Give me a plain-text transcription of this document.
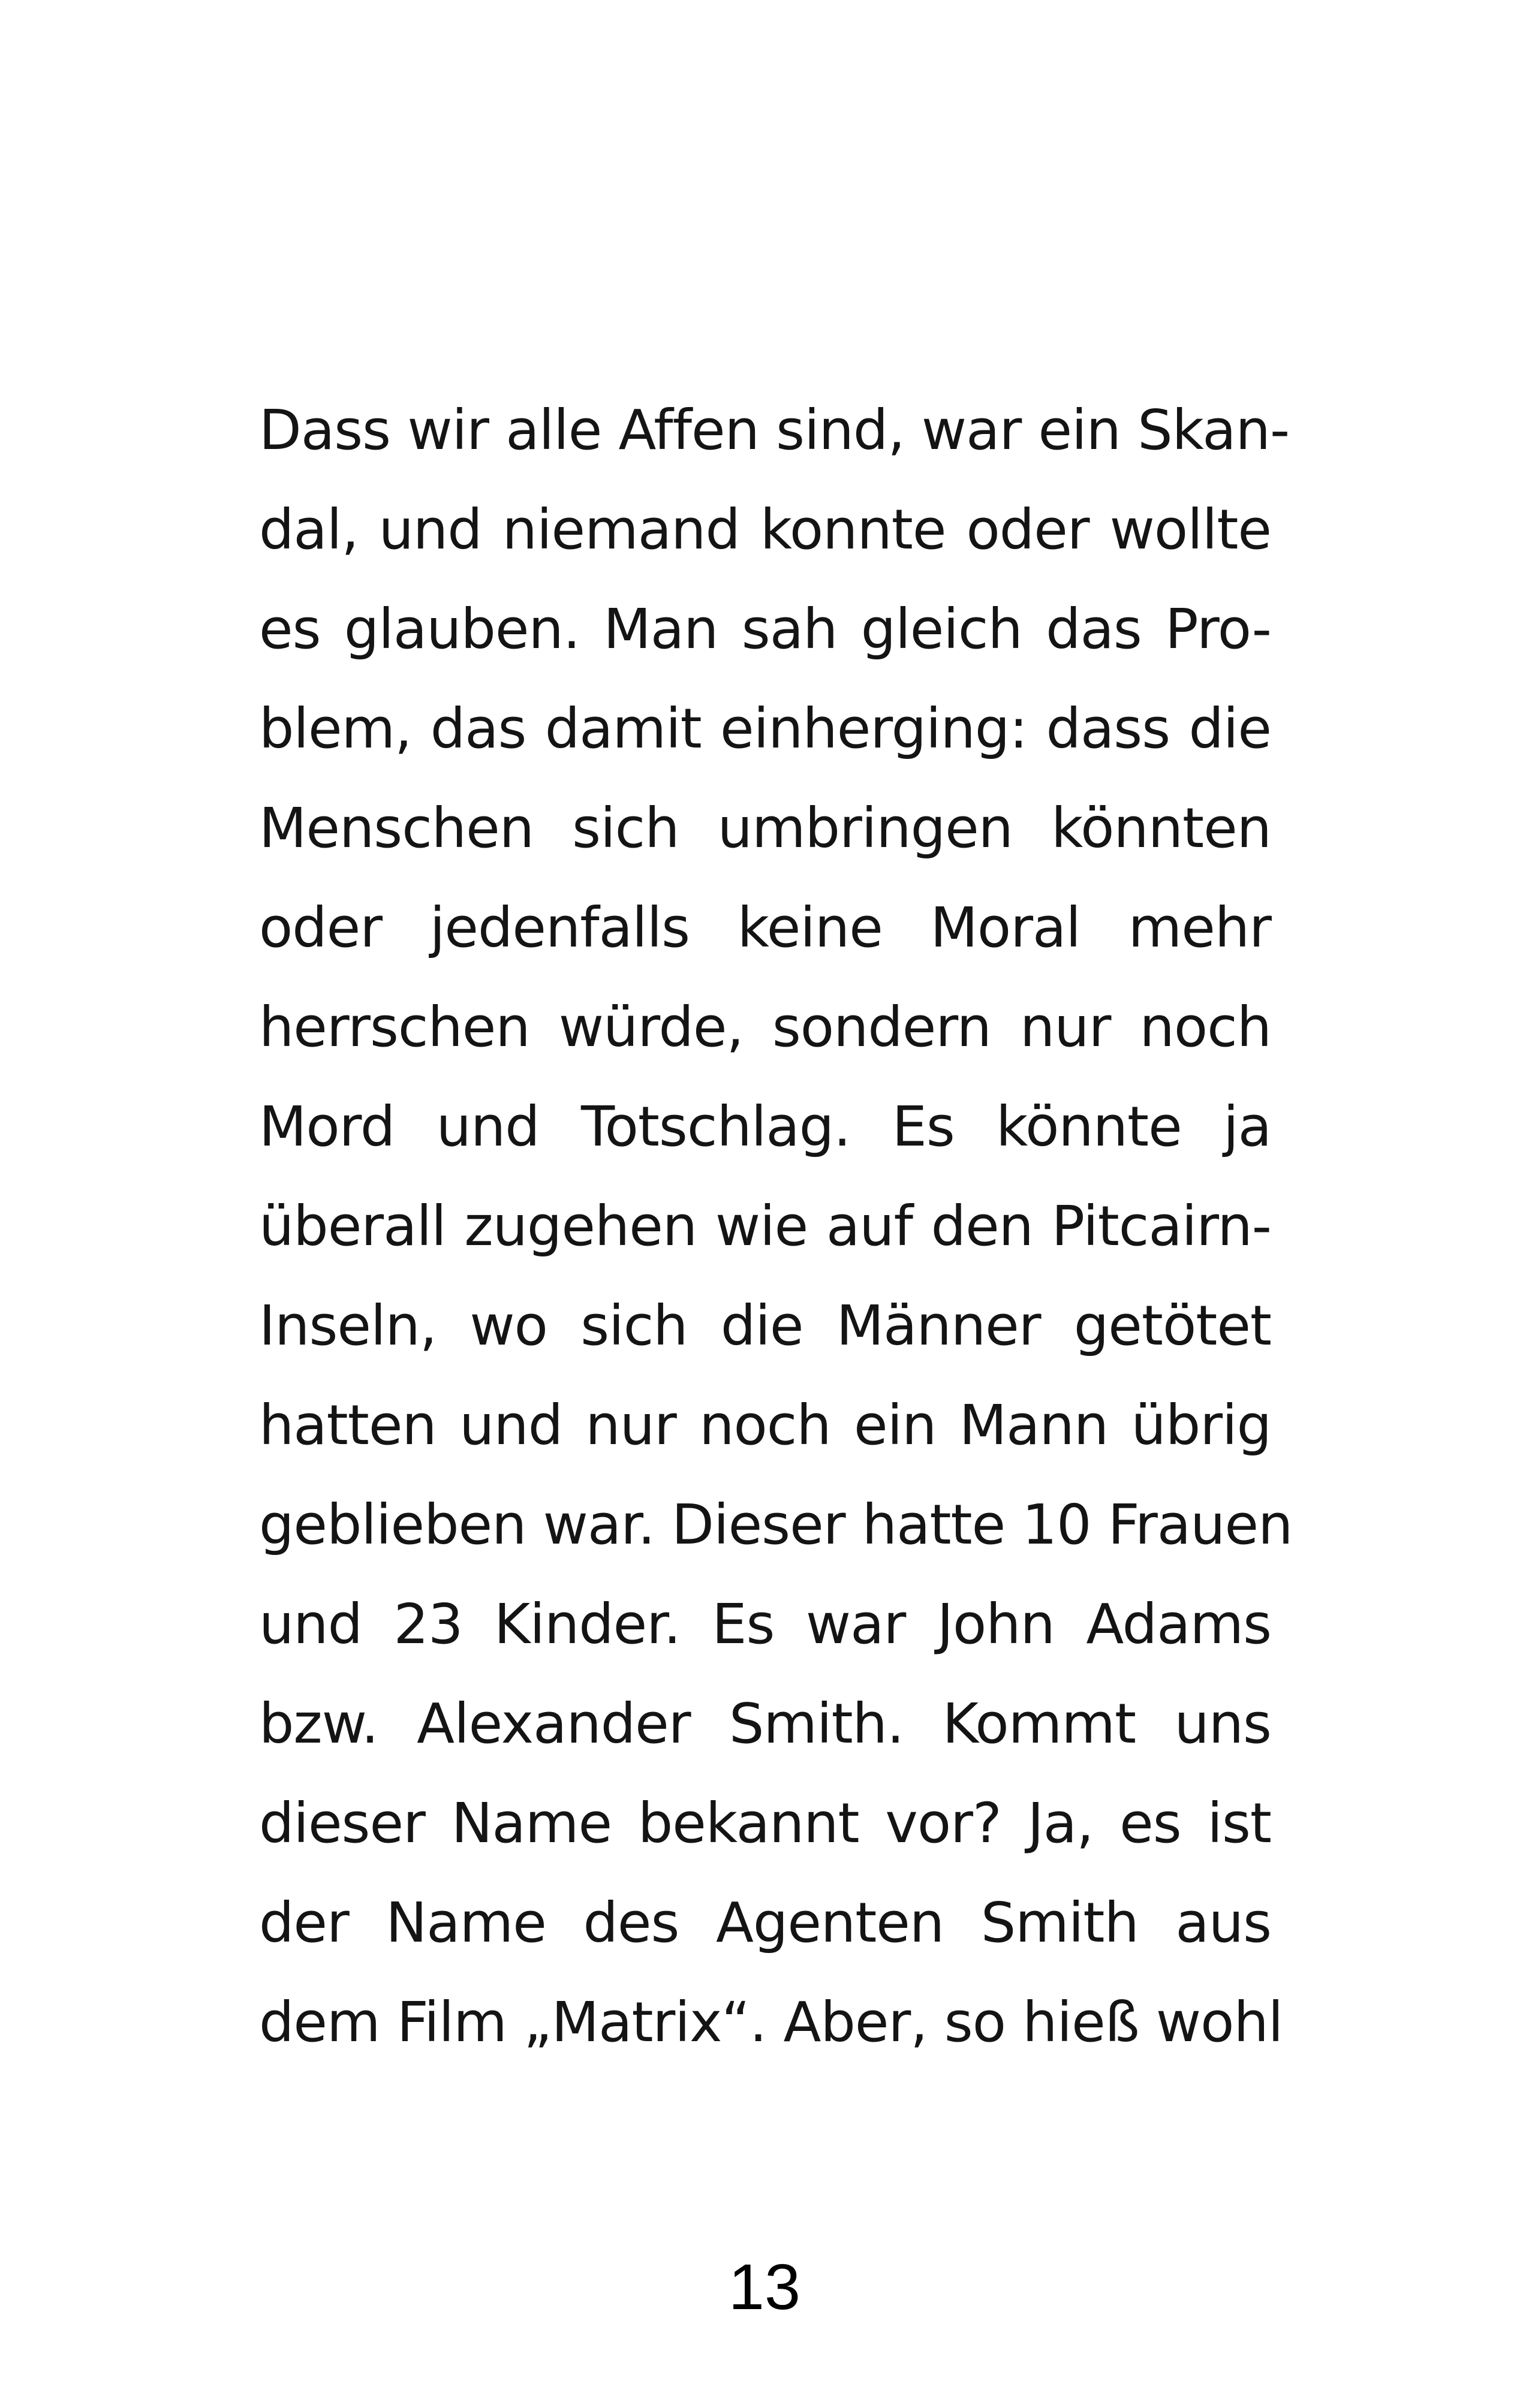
Dass wir alle Affen sind, war ein Skan-
dal, und niemand konnte oder wollte
es glauben. Man sah gleich das Pro-
blem, das damit einherging: dass die
Menschen sich umbringen könnten
oder jedenfalls keine Moral mehr
herrschen würde, sondern nur noch
Mord und Totschlag. Es könnte ja
überall zugehen wie auf den Pitcairn-
Inseln, wo sich die Männer getötet
hatten und nur noch ein Mann übrig
geblieben war. Dieser hatte 10 Frauen
und 23 Kinder. Es war John Adams
bzw. Alexander Smith. Kommt uns
dieser Name bekannt vor? Ja, es ist
der Name des Agenten Smith aus
dem Film „Matrix“. Aber, so hieß wohl
13
